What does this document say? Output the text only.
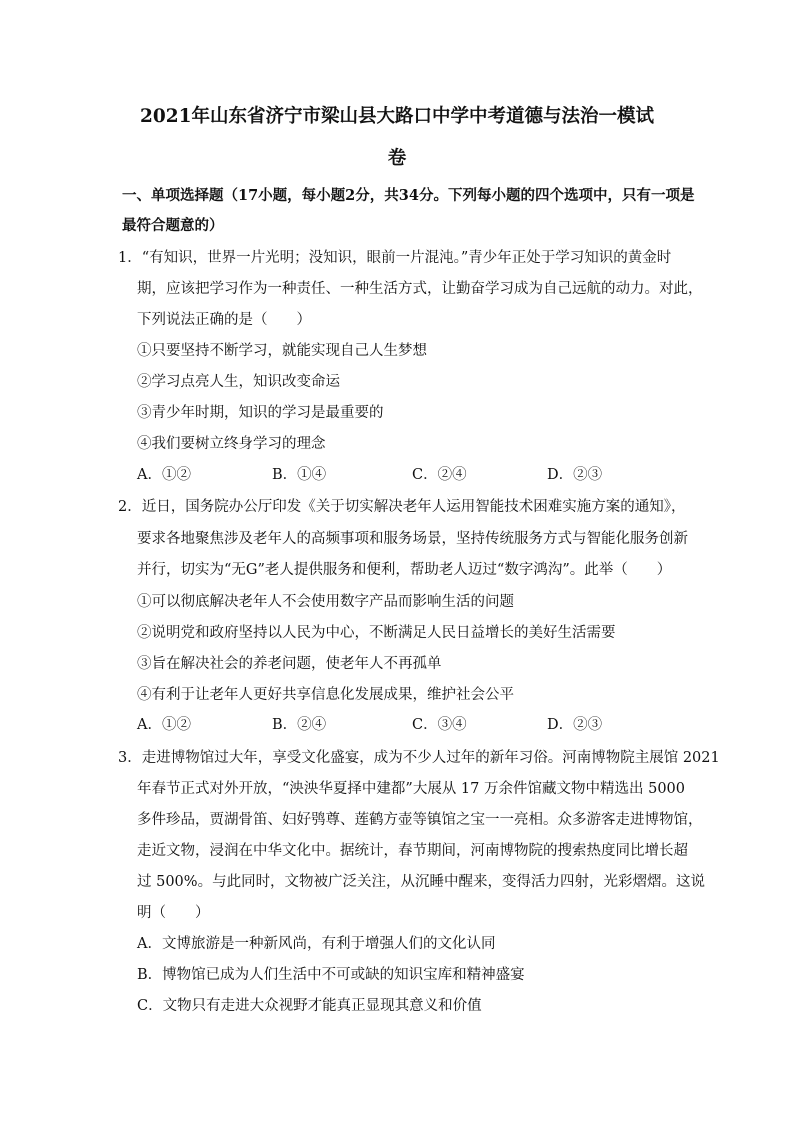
2021年山东省济宁市梁山县大路口中学中考道德与法治一模试
卷
一、单项选择题（17小题，每小题2分，共34分。下列每小题的四个选项中，只有一项是
最符合题意的）
1．“有知识，世界一片光明；没知识，眼前一片混沌。”青少年正处于学习知识的黄金时
期，应该把学习作为一种责任、一种生活方式，让勤奋学习成为自己远航的动力。对此，
下列说法正确的是（　　）
①只要坚持不断学习，就能实现自己人生梦想
②学习点亮人生，知识改变命运
③青少年时期，知识的学习是最重要的
④我们要树立终身学习的理念
A．①②	B．①④	C．②④	D．②③
2．近日，国务院办公厅印发《关于切实解决老年人运用智能技术困难实施方案的通知》，
要求各地聚焦涉及老年人的高频事项和服务场景，坚持传统服务方式与智能化服务创新
并行，切实为“无G”老人提供服务和便利，帮助老人迈过“数字鸿沟”。此举（　　）
①可以彻底解决老年人不会使用数字产品而影响生活的问题
②说明党和政府坚持以人民为中心，不断满足人民日益增长的美好生活需要
③旨在解决社会的养老问题，使老年人不再孤单
④有利于让老年人更好共享信息化发展成果，维护社会公平
A．①②	B．②④	C．③④	D．②③
3．走进博物馆过大年，享受文化盛宴，成为不少人过年的新年习俗。河南博物院主展馆 2021
年春节正式对外开放，“泱泱华夏择中建都”大展从 17 万余件馆藏文物中精选出 5000
多件珍品，贾湖骨笛、妇好鸮尊、莲鹤方壶等镇馆之宝一一亮相。众多游客走进博物馆，
走近文物，浸润在中华文化中。据统计，春节期间，河南博物院的搜索热度同比增长超
过 500%。与此同时，文物被广泛关注，从沉睡中醒来，变得活力四射，光彩熠熠。这说
明（　　）
A．文博旅游是一种新风尚，有利于增强人们的文化认同
B．博物馆已成为人们生活中不可或缺的知识宝库和精神盛宴
C．文物只有走进大众视野才能真正显现其意义和价值
